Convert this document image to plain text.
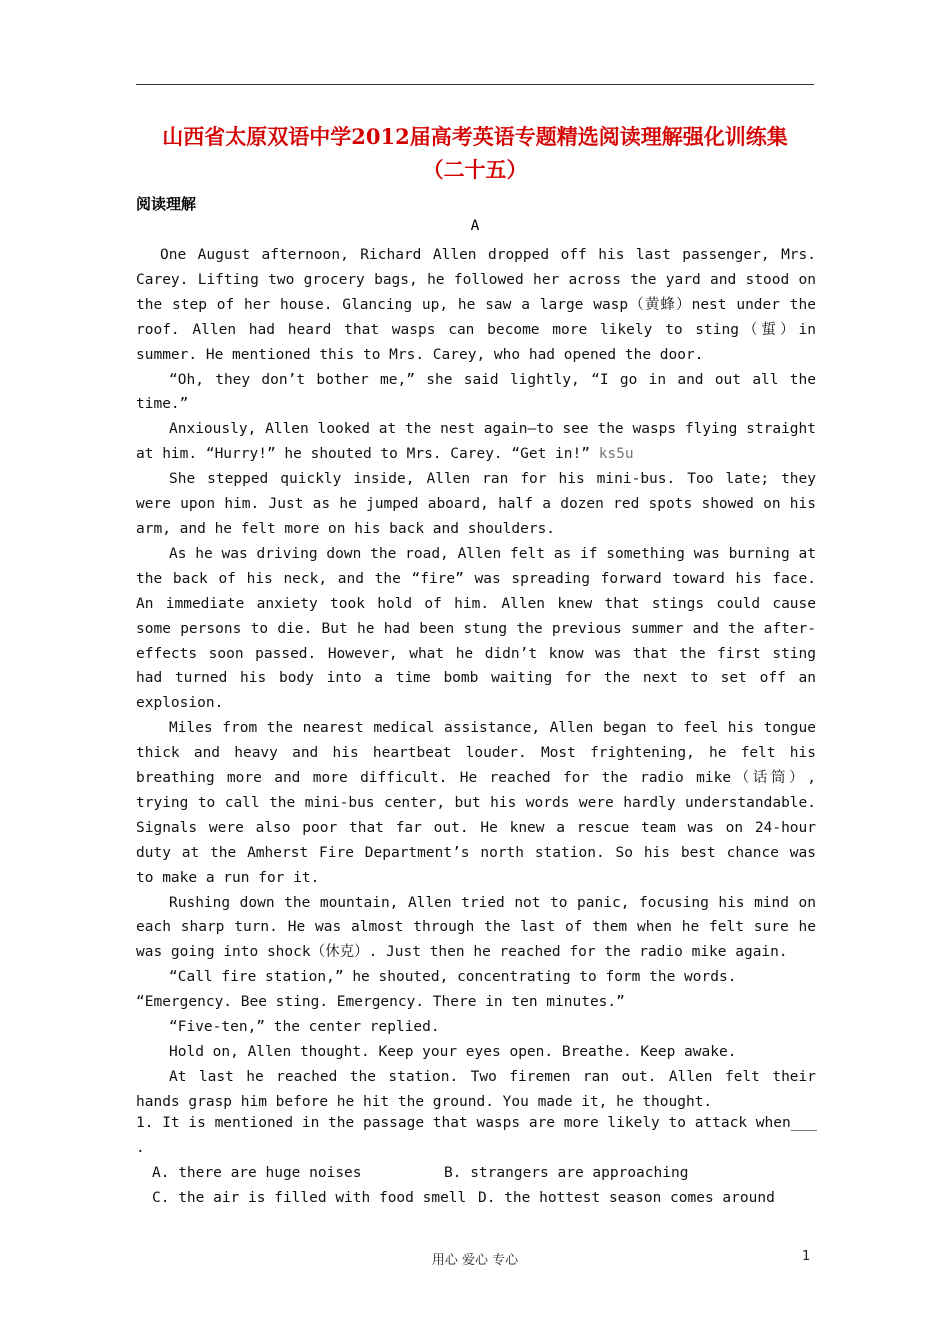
山西省太原双语中学2012届高考英语专题精选阅读理解强化训练集
（二十五）
阅读理解
A

One August afternoon, Richard Allen dropped off his last passenger, Mrs. Carey. Lifting two grocery bags, he followed her across the yard and stood on the step of her house. Glancing up, he saw a large wasp（黄蜂）nest under the roof. Allen had heard that wasps can become more likely to sting（蜇）in summer. He mentioned this to Mrs. Carey, who had opened the door.

“Oh, they don’t bother me,” she said lightly, “I go in and out all the time.”

Anxiously, Allen looked at the nest again—to see the wasps flying straight at him. “Hurry!” he shouted to Mrs. Carey. “Get in!” ks5u

She stepped quickly inside, Allen ran for his mini-bus. Too late; they were upon him. Just as he jumped aboard, half a dozen red spots showed on his arm, and he felt more on his back and shoulders.

As he was driving down the road, Allen felt as if something was burning at the back of his neck, and the “fire” was spreading forward toward his face. An immediate anxiety took hold of him. Allen knew that stings could cause some persons to die. But he had been stung the previous summer and the after-effects soon passed. However, what he didn’t know was that the first sting had turned his body into a time bomb waiting for the next to set off an explosion.

Miles from the nearest medical assistance, Allen began to feel his tongue thick and heavy and his heartbeat louder. Most frightening, he felt his breathing more and more difficult. He reached for the radio mike（话筒）, trying to call the mini-bus center, but his words were hardly understandable. Signals were also poor that far out. He knew a rescue team was on 24-hour duty at the Amherst Fire Department’s north station. So his best chance was to make a run for it.

Rushing down the mountain, Allen tried not to panic, focusing his mind on each sharp turn. He was almost through the last of them when he felt sure he was going into shock（休克）. Just then he reached for the radio mike again.

“Call fire station,” he shouted, concentrating to form the words.

“Emergency. Bee sting. Emergency. There in ten minutes.”

“Five-ten,” the center replied.

Hold on, Allen thought. Keep your eyes open. Breathe. Keep awake.

At last he reached the station. Two firemen ran out. Allen felt their hands grasp him before he hit the ground. You made it, he thought.

1. It is mentioned in the passage that wasps are more likely to attack when___ .
A. there are huge noises	B. strangers are approaching
C. the air is filled with food smell D. the hottest season comes around
用心 爱心 专心	1
